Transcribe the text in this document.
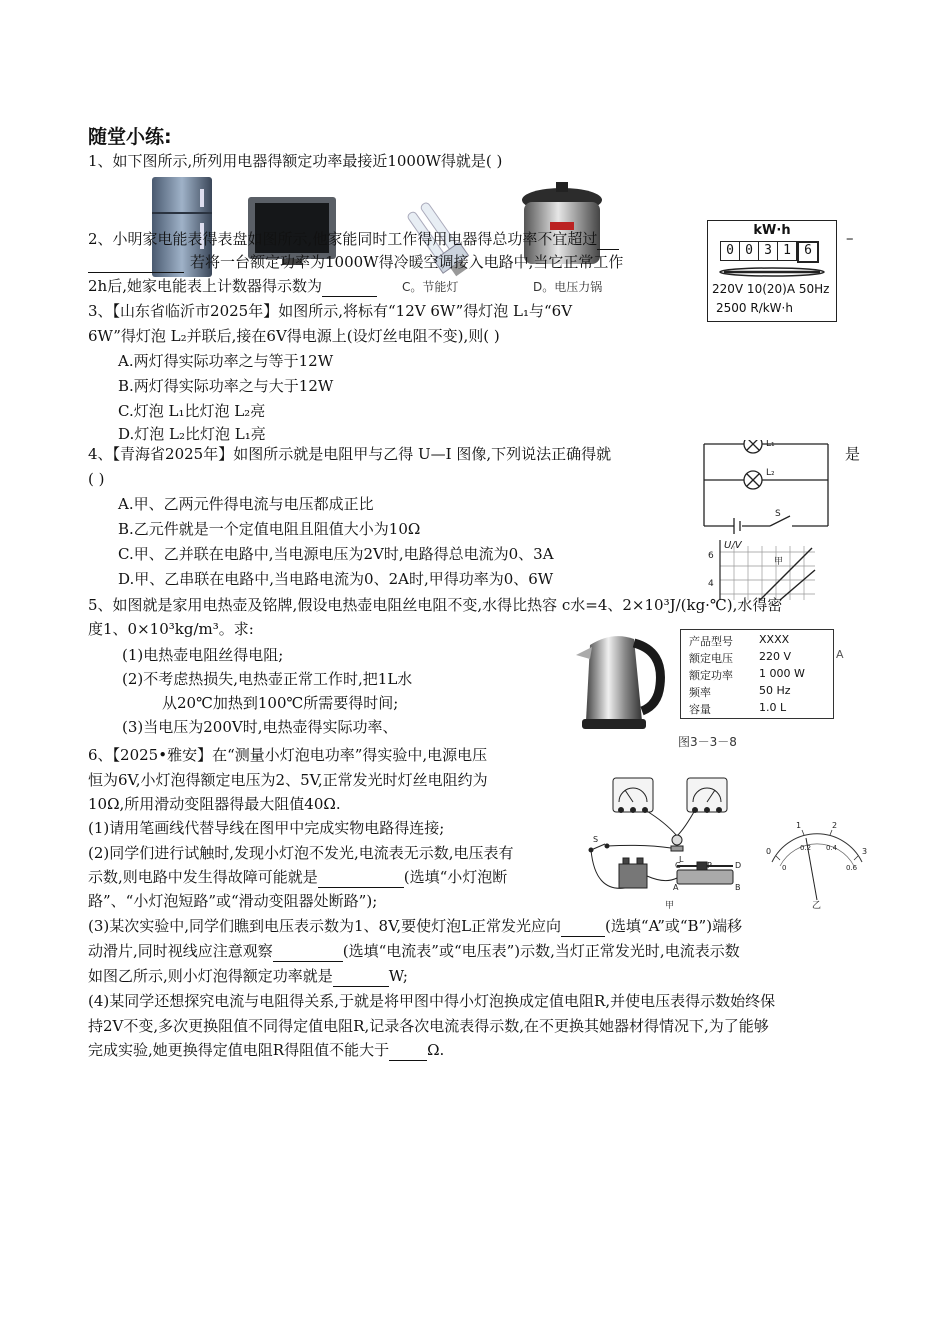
随堂小练:
1、如下图所示,所列用电器得额定功率最接近1000W得就是( )
C。节能灯	D。电压力锅
2、小明家电能表得表盘如图所示,他家能同时工作得用电器得总功率不宜超过
若将一台额定功率为1000W得冷暖空调接入电路中,当它正常工作
2h后,她家电能表上计数器得示数为
–
kW·h
0 0 3 1	6
220V 10(20)A 50Hz
2500 R/kW·h
3、【山东省临沂市2025年】如图所示,将标有“12V 6W”得灯泡 L₁与“6V
6W”得灯泡 L₂并联后,接在6V得电源上(设灯丝电阻不变),则( )
A.两灯得实际功率之与等于12W
B.两灯得实际功率之与大于12W
C.灯泡 L₁比灯泡 L₂亮
D.灯泡 L₂比灯泡 L₁亮
L₁
L₂
S
4、【青海省2025年】如图所示就是电阻甲与乙得 U—I 图像,下列说法正确得就	是
( )
A.甲、乙两元件得电流与电压都成正比
B.乙元件就是一个定值电阻且阻值大小为10Ω
C.甲、乙并联在电路中,当电源电压为2V时,电路得总电流为0、3A
D.甲、乙串联在电路中,当电路电流为0、2A时,甲得功率为0、6W
U/V
6
4
甲
5、如图就是家用电热壶及铭牌,假设电热壶电阻丝电阻不变,水得比热容 c水=4、2×10³J/(kg·℃),水得密
度1、0×10³kg/m³。求:
(1)电热壶电阻丝得电阻;
(2)不考虑热损失,电热壶正常工作时,把1L水
从20℃加热到100℃所需要得时间;
(3)当电压为200V时,电热壶得实际功率、
产品型号 XXXX
额定电压 220 V
额定功率 1 000 W
频率	50 Hz
容量	1.0 L
A
图3－3－8
6、【2025•雅安】在“测量小灯泡电功率”得实验中,电源电压
恒为6V,小灯泡得额定电压为2、5V,正常发光时灯丝电阻约为
10Ω,所用滑动变阻器得最大阻值40Ω.
(1)请用笔画线代替导线在图甲中完成实物电路得连接;
(2)同学们进行试触时,发现小灯泡不发光,电流表无示数,电压表有
示数,则电路中发生得故障可能就是	(选填“小灯泡断
路”、“小灯泡短路”或“滑动变阻器处断路”);
(3)某次实验中,同学们瞧到电压表示数为1、8V,要使灯泡L正常发光应向	(选填“A”或“B”)端移
动滑片,同时视线应注意观察	(选填“电流表”或“电压表”)示数,当灯正常发光时,电流表示数
如图乙所示,则小灯泡得额定功率就是	W;
(4)某同学还想探究电流与电阻得关系,于就是将甲图中得小灯泡换成定值电阻R,并使电压表得示数始终保
持2V不变,多次更换阻值不同得定值电阻R,记录各次电流表得示数,在不更换其她器材得情况下,为了能够
完成实验,她更换得定值电阻R得阻值不能大于	Ω.
S
L
C	P	D
A	B
甲
0
1	2
3
0
0.2 0.4
0.6
乙
